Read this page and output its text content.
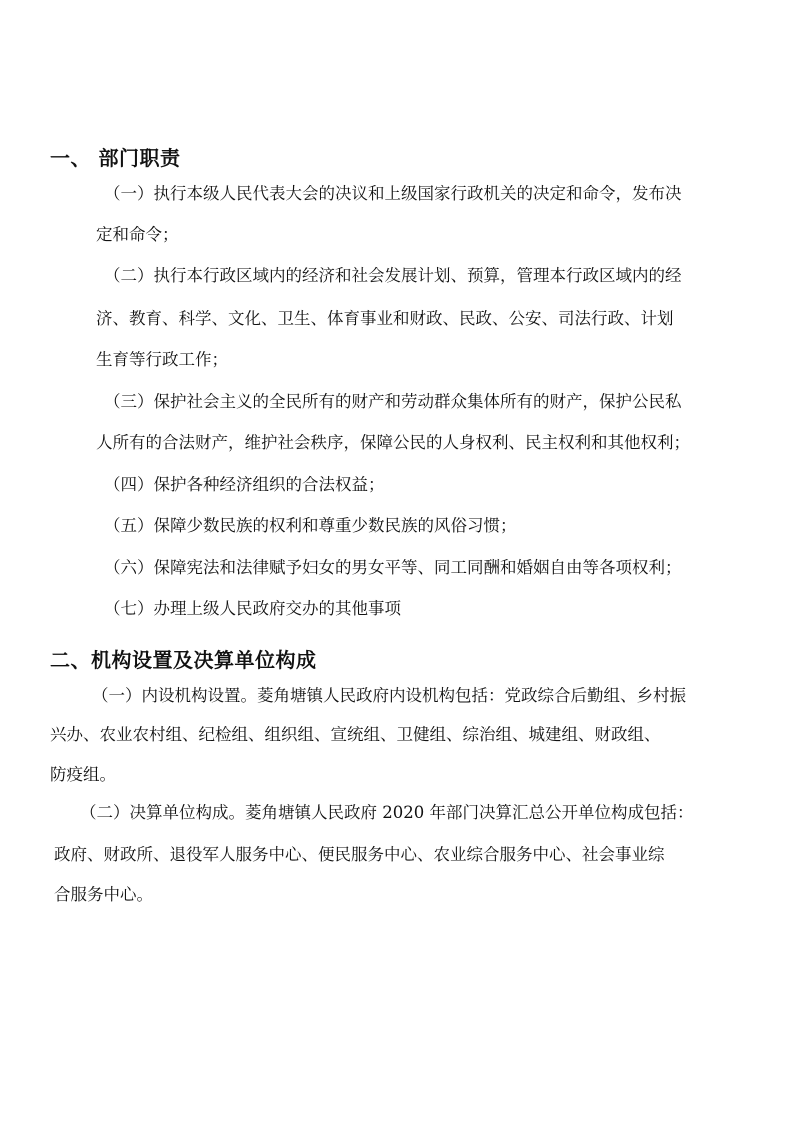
一、 部门职责
（一）执行本级人民代表大会的决议和上级国家行政机关的决定和命令，发布决
定和命令；
（二）执行本行政区域内的经济和社会发展计划、预算，管理本行政区域内的经
济、教育、科学、文化、卫生、体育事业和财政、民政、公安、司法行政、计划
生育等行政工作；
（三）保护社会主义的全民所有的财产和劳动群众集体所有的财产，保护公民私
人所有的合法财产，维护社会秩序，保障公民的人身权利、民主权利和其他权利；
（四）保护各种经济组织的合法权益；
（五）保障少数民族的权利和尊重少数民族的风俗习惯；
（六）保障宪法和法律赋予妇女的男女平等、同工同酬和婚姻自由等各项权利；
（七）办理上级人民政府交办的其他事项
二、机构设置及决算单位构成
（一）内设机构设置。菱角塘镇人民政府内设机构包括：党政综合后勤组、乡村振
兴办、农业农村组、纪检组、组织组、宣统组、卫健组、综治组、城建组、财政组、
防疫组。
（二）决算单位构成。菱角塘镇人民政府 2020 年部门决算汇总公开单位构成包括：
政府、财政所、退役军人服务中心、便民服务中心、农业综合服务中心、社会事业综
合服务中心。
